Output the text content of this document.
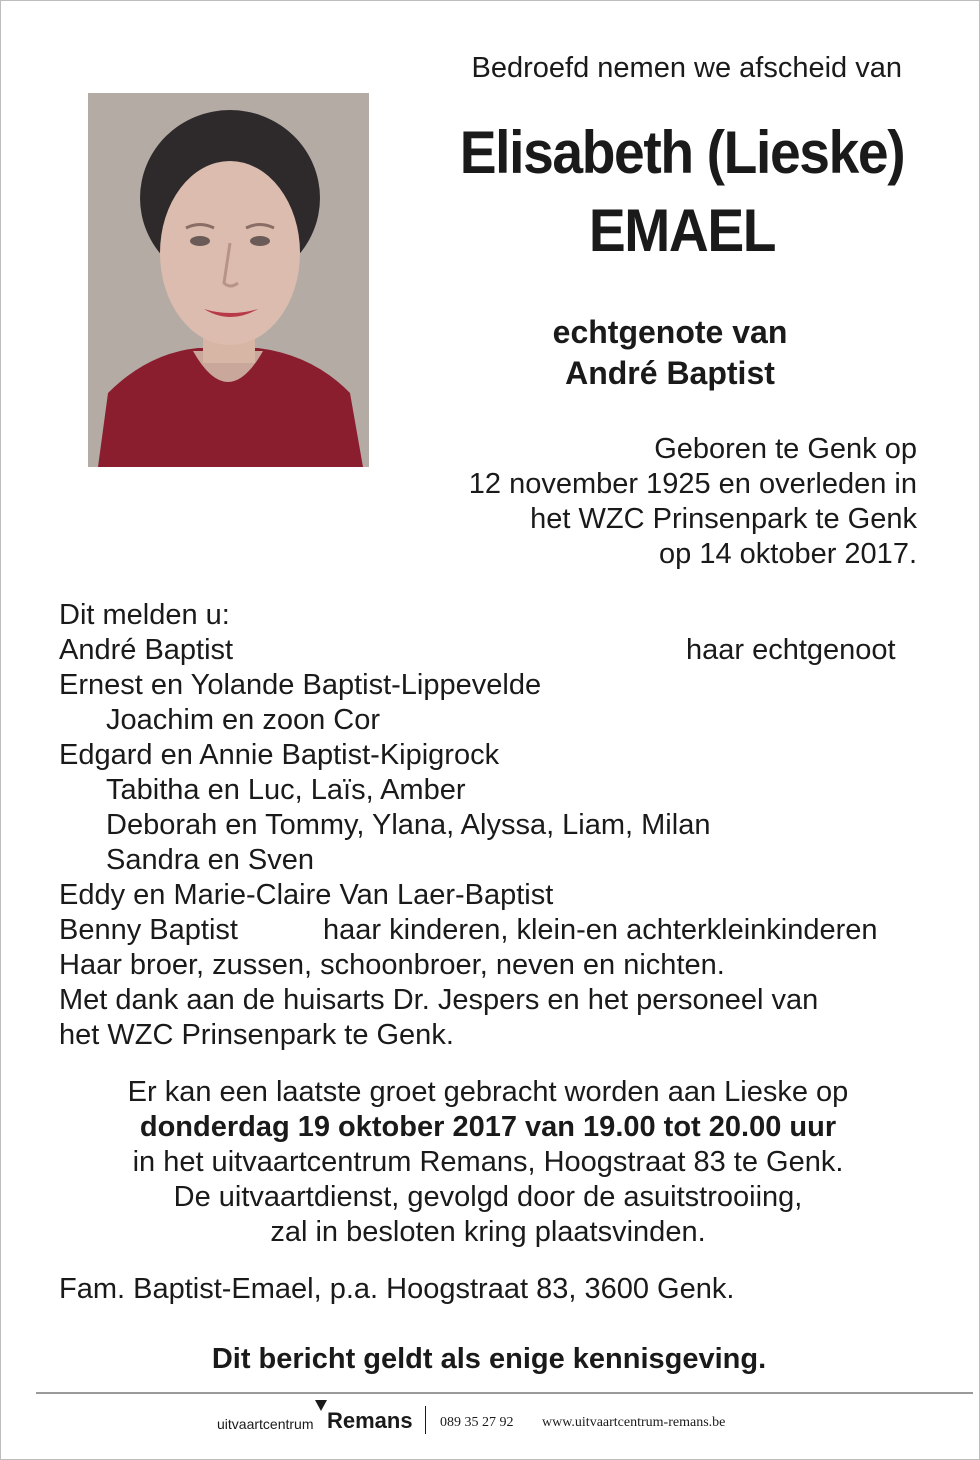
Bedroefd nemen we afscheid van
Elisabeth (Lieske)
EMAEL
echtgenote van
André Baptist
Geboren te Genk op
12 november 1925 en overleden in
het WZC Prinsenpark te Genk
op 14 oktober 2017.
Dit melden u:
André Baptist	haar echtgenoot
Ernest en Yolande Baptist-Lippevelde
Joachim en zoon Cor
Edgard en Annie Baptist-Kipigrock
Tabitha en Luc, Laïs, Amber
Deborah en Tommy, Ylana, Alyssa, Liam, Milan
Sandra en Sven
Eddy en Marie-Claire Van Laer-Baptist
Benny Baptist	haar kinderen, klein-en achterkleinkinderen
Haar broer, zussen, schoonbroer, neven en nichten.
Met dank aan de huisarts Dr. Jespers en het personeel van
het WZC Prinsenpark te Genk.
Er kan een laatste groet gebracht worden aan Lieske op
donderdag 19 oktober 2017 van 19.00 tot 20.00 uur
in het uitvaartcentrum Remans, Hoogstraat 83 te Genk.
De uitvaartdienst, gevolgd door de asuitstrooiing,
zal in besloten kring plaatsvinden.
Fam. Baptist-Emael, p.a. Hoogstraat 83, 3600 Genk.
Dit bericht geldt als enige kennisgeving.
uitvaartcentrum Remans 089 35 27 92 www.uitvaartcentrum-remans.be
